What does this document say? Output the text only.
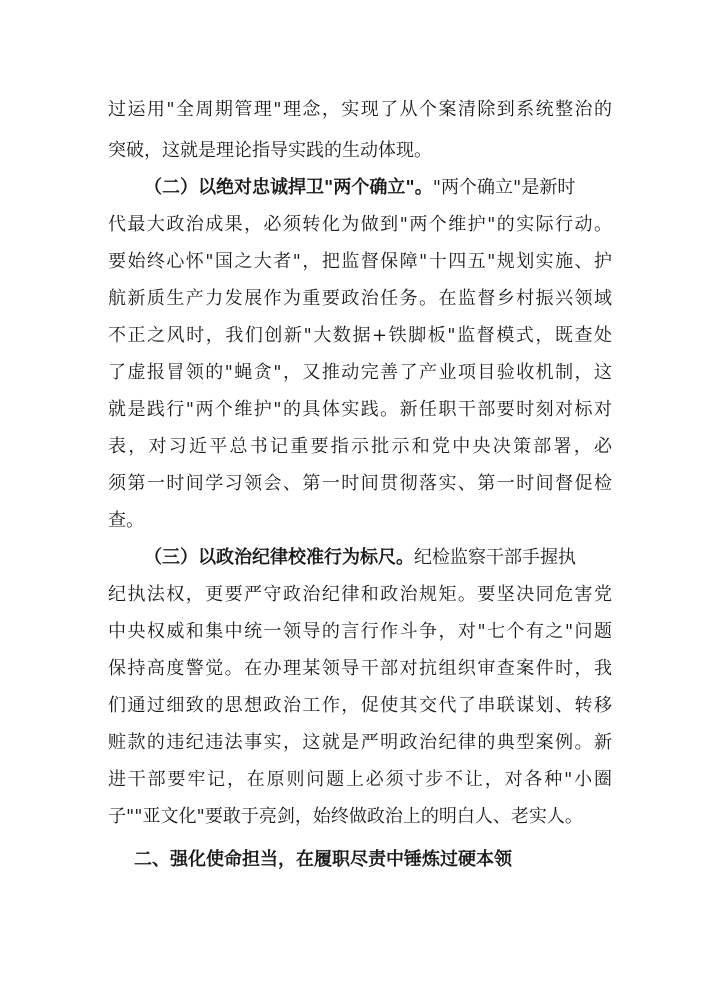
过运用"全周期管理"理念，实现了从个案清除到系统整治的
突破，这就是理论指导实践的生动体现。
（二）以绝对忠诚捍卫"两个确立"。"两个确立"是新时
代最大政治成果，必须转化为做到"两个维护"的实际行动。
要始终心怀"国之大者"，把监督保障"十四五"规划实施、护
航新质生产力发展作为重要政治任务。在监督乡村振兴领域
不正之风时，我们创新"大数据+铁脚板"监督模式，既查处
了虚报冒领的"蝇贪"，又推动完善了产业项目验收机制，这
就是践行"两个维护"的具体实践。新任职干部要时刻对标对
表，对习近平总书记重要指示批示和党中央决策部署，必
须第一时间学习领会、第一时间贯彻落实、第一时间督促检
查。
（三）以政治纪律校准行为标尺。纪检监察干部手握执
纪执法权，更要严守政治纪律和政治规矩。要坚决同危害党
中央权威和集中统一领导的言行作斗争，对"七个有之"问题
保持高度警觉。在办理某领导干部对抗组织审查案件时，我
们通过细致的思想政治工作，促使其交代了串联谋划、转移
赃款的违纪违法事实，这就是严明政治纪律的典型案例。新
进干部要牢记，在原则问题上必须寸步不让，对各种"小圈
子""亚文化"要敢于亮剑，始终做政治上的明白人、老实人。
二、强化使命担当，在履职尽责中锤炼过硬本领
